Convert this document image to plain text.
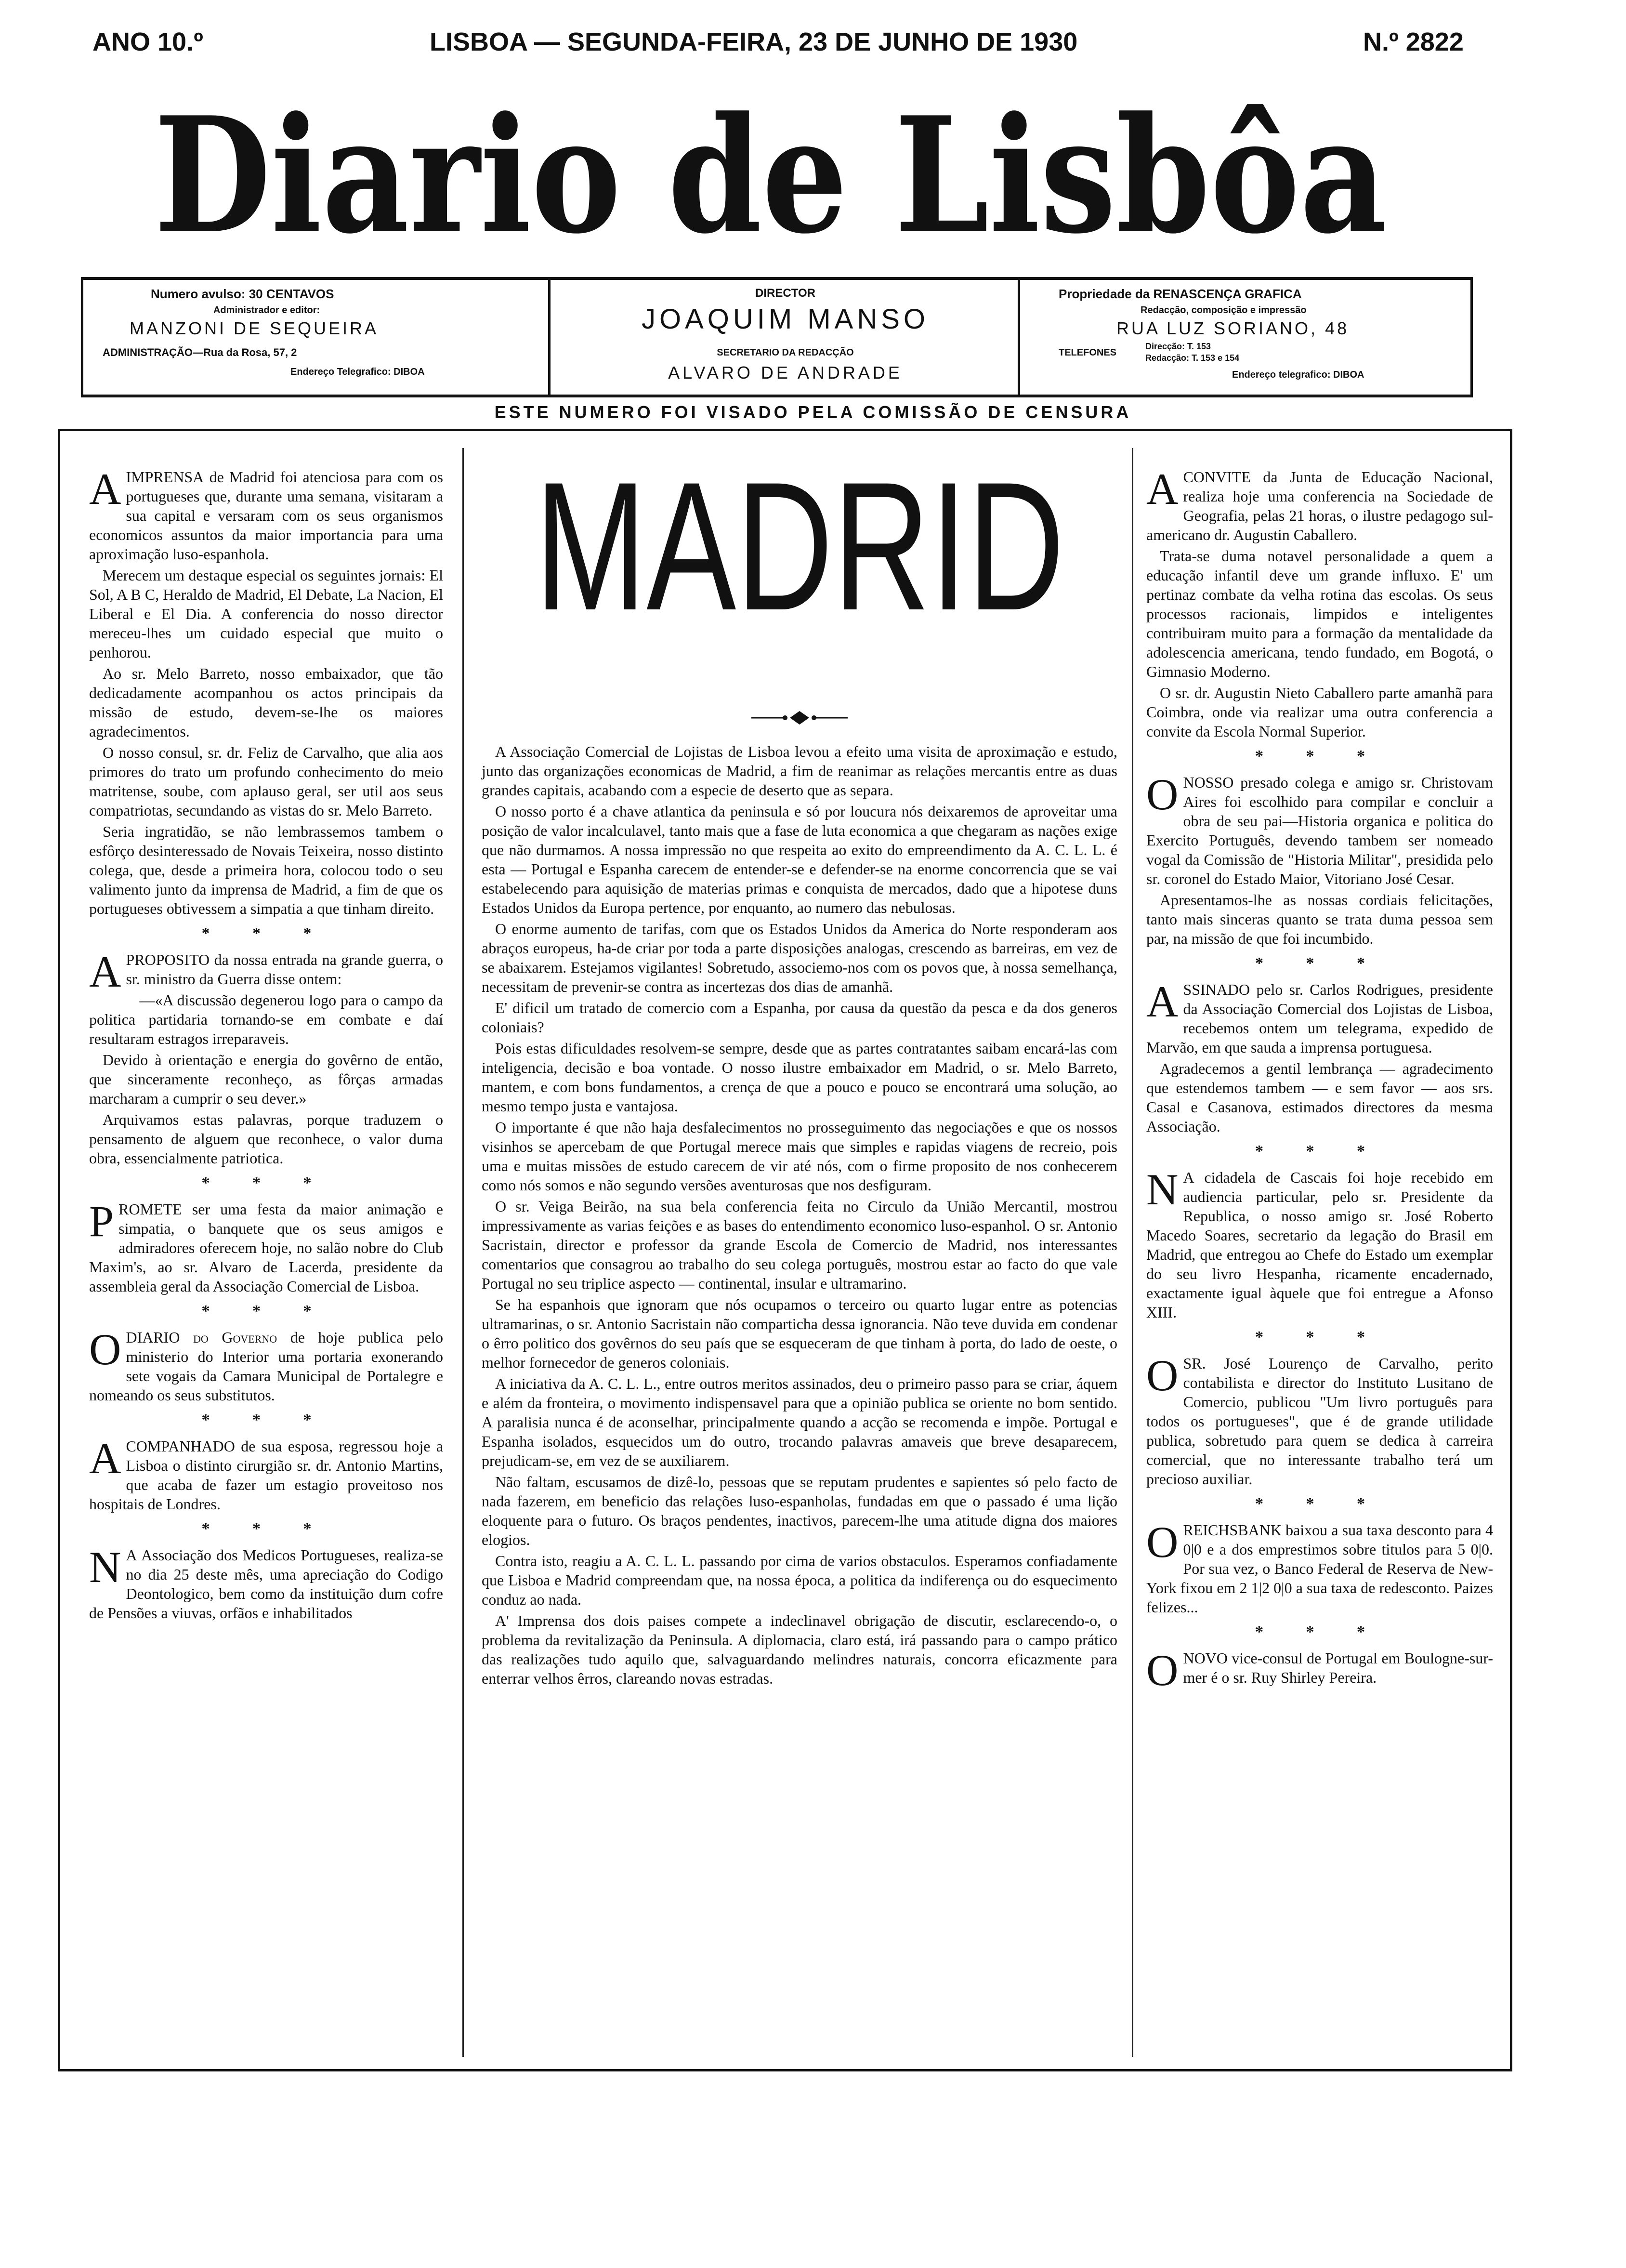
ANO 10.º	LISBOA — SEGUNDA-FEIRA, 23 DE JUNHO DE 1930	N.º 2822
Diario de Lisbôa
Numero avulso: 30 CENTAVOS
Administrador e editor:
MANZONI DE SEQUEIRA
ADMINISTRAÇÃO—Rua da Rosa, 57, 2
Endereço Telegrafico: DIBOA
DIRECTOR
JOAQUIM MANSO
SECRETARIO DA REDACÇÃO
ALVARO DE ANDRADE
Propriedade da RENASCENÇA GRAFICA
Redacção, composição e impressão
RUA LUZ SORIANO, 48
TELEFONES
Direcção: T. 153
Redacção: T. 153 e 154
Endereço telegrafico: DIBOA
ESTE NUMERO FOI VISADO PELA COMISSÃO DE CENSURA
MADRID

AIMPRENSA de Madrid foi atenciosa para com os portugueses que, durante uma semana, visitaram a sua capital e versaram com os seus organismos economicos assuntos da maior importancia para uma aproximação luso-espanhola.

Merecem um destaque especial os seguintes jornais: El Sol, A B C, Heraldo de Madrid, El Debate, La Nacion, El Liberal e El Dia. A conferencia do nosso director mereceu-lhes um cuidado especial que muito o penhorou.

Ao sr. Melo Barreto, nosso embaixador, que tão dedicadamente acompanhou os actos principais da missão de estudo, devem-se-lhe os maiores agradecimentos.

O nosso consul, sr. dr. Feliz de Carvalho, que alia aos primores do trato um profundo conhecimento do meio matritense, soube, com aplauso geral, ser util aos seus compatriotas, secundando as vistas do sr. Melo Barreto.

Seria ingratidão, se não lembrassemos tambem o esfôrço desinteressado de Novais Teixeira, nosso distinto colega, que, desde a primeira hora, colocou todo o seu valimento junto da imprensa de Madrid, a fim de que os portugueses obtivessem a simpatia a que tinham direito.

* * *

APROPOSITO da nossa entrada na grande guerra, o sr. ministro da Guerra disse ontem:

—«A discussão degenerou logo para o campo da politica partidaria tornando-se em combate e daí resultaram estragos irreparaveis.

Devido à orientação e energia do govêrno de então, que sinceramente reconheço, as fôrças armadas marcharam a cumprir o seu dever.»

Arquivamos estas palavras, porque traduzem o pensamento de alguem que reconhece, o valor duma obra, essencialmente patriotica.

* * *

PROMETE ser uma festa da maior animação e simpatia, o banquete que os seus amigos e admiradores oferecem hoje, no salão nobre do Club Maxim's, ao sr. Alvaro de Lacerda, presidente da assembleia geral da Associação Comercial de Lisboa.

* * *

ODIARIO do Governo de hoje publica pelo ministerio do Interior uma portaria exonerando sete vogais da Camara Municipal de Portalegre e nomeando os seus substitutos.

* * *

ACOMPANHADO de sua esposa, regressou hoje a Lisboa o distinto cirurgião sr. dr. Antonio Martins, que acaba de fazer um estagio proveitoso nos hospitais de Londres.

* * *

N A Associação dos Medicos Portugueses, realiza-se no dia 25 deste mês, uma apreciação do Codigo Deontologico, bem como da instituição dum cofre de Pensões a viuvas, orfãos e inhabilitados

A Associação Comercial de Lojistas de Lisboa levou a efeito uma visita de aproximação e estudo, junto das organizações economicas de Madrid, a fim de reanimar as relações mercantis entre as duas grandes capitais, acabando com a especie de deserto que as separa.

O nosso porto é a chave atlantica da peninsula e só por loucura nós deixaremos de aproveitar uma posição de valor incalculavel, tanto mais que a fase de luta economica a que chegaram as nações exige que não durmamos. A nossa impressão no que respeita ao exito do empreendimento da A. C. L. L. é esta — Portugal e Espanha carecem de entender-se e defender-se na enorme concorrencia que se vai estabelecendo para aquisição de materias primas e conquista de mercados, dado que a hipotese duns Estados Unidos da Europa pertence, por enquanto, ao numero das nebulosas.

O enorme aumento de tarifas, com que os Estados Unidos da America do Norte responderam aos abraços europeus, ha-de criar por toda a parte disposições analogas, crescendo as barreiras, em vez de se abaixarem. Estejamos vigilantes! Sobretudo, associemo-nos com os povos que, à nossa semelhança, necessitam de prevenir-se contra as incertezas dos dias de amanhã.

E' dificil um tratado de comercio com a Espanha, por causa da questão da pesca e da dos generos coloniais?

Pois estas dificuldades resolvem-se sempre, desde que as partes contratantes saibam encará-las com inteligencia, decisão e boa vontade. O nosso ilustre embaixador em Madrid, o sr. Melo Barreto, mantem, e com bons fundamentos, a crença de que a pouco e pouco se encontrará uma solução, ao mesmo tempo justa e vantajosa.

O importante é que não haja desfalecimentos no prosseguimento das negociações e que os nossos visinhos se apercebam de que Portugal merece mais que simples e rapidas viagens de recreio, pois uma e muitas missões de estudo carecem de vir até nós, com o firme proposito de nos conhecerem como nós somos e não segundo versões aventurosas que nos desfiguram.

O sr. Veiga Beirão, na sua bela conferencia feita no Circulo da União Mercantil, mostrou impressivamente as varias feições e as bases do entendimento economico luso-espanhol. O sr. Antonio Sacristain, director e professor da grande Escola de Comercio de Madrid, nos interessantes comentarios que consagrou ao trabalho do seu colega português, mostrou estar ao facto do que vale Portugal no seu triplice aspecto — continental, insular e ultramarino.

Se ha espanhois que ignoram que nós ocupamos o terceiro ou quarto lugar entre as potencias ultramarinas, o sr. Antonio Sacristain não comparticha dessa ignorancia. Não teve duvida em condenar o êrro politico dos govêrnos do seu país que se esqueceram de que tinham à porta, do lado de oeste, o melhor fornecedor de generos coloniais.

A iniciativa da A. C. L. L., entre outros meritos assinados, deu o primeiro passo para se criar, áquem e além da fronteira, o movimento indispensavel para que a opinião publica se oriente no bom sentido. A paralisia nunca é de aconselhar, principalmente quando a acção se recomenda e impõe. Portugal e Espanha isolados, esquecidos um do outro, trocando palavras amaveis que breve desaparecem, prejudicam-se, em vez de se auxiliarem.

Não faltam, escusamos de dizê-lo, pessoas que se reputam prudentes e sapientes só pelo facto de nada fazerem, em beneficio das relações luso-espanholas, fundadas em que o passado é uma lição eloquente para o futuro. Os braços pendentes, inactivos, parecem-lhe uma atitude digna dos maiores elogios.

Contra isto, reagiu a A. C. L. L. passando por cima de varios obstaculos. Esperamos confiadamente que Lisboa e Madrid compreendam que, na nossa época, a politica da indiferença ou do esquecimento conduz ao nada.

A' Imprensa dos dois paises compete a indeclinavel obrigação de discutir, esclarecendo-o, o problema da revitalização da Peninsula. A diplomacia, claro está, irá passando para o campo prático das realizações tudo aquilo que, salvaguardando melindres naturais, concorra eficazmente para enterrar velhos êrros, clareando novas estradas.

ACONVITE da Junta de Educação Nacional, realiza hoje uma conferencia na Sociedade de Geografia, pelas 21 horas, o ilustre pedagogo sul-americano dr. Augustin Caballero.

Trata-se duma notavel personalidade a quem a educação infantil deve um grande influxo. E' um pertinaz combate da velha rotina das escolas. Os seus processos racionais, limpidos e inteligentes contribuiram muito para a formação da mentalidade da adolescencia americana, tendo fundado, em Bogotá, o Gimnasio Moderno.

O sr. dr. Augustin Nieto Caballero parte amanhã para Coimbra, onde via realizar uma outra conferencia a convite da Escola Normal Superior.

* * *

ONOSSO presado colega e amigo sr. Christovam Aires foi escolhido para compilar e concluir a obra de seu pai—Historia organica e politica do Exercito Português, devendo tambem ser nomeado vogal da Comissão de "Historia Militar", presidida pelo sr. coronel do Estado Maior, Vitoriano José Cesar.

Apresentamos-lhe as nossas cordiais felicitações, tanto mais sinceras quanto se trata duma pessoa sem par, na missão de que foi incumbido.

* * *

ASSINADO pelo sr. Carlos Rodrigues, presidente da Associação Comercial dos Lojistas de Lisboa, recebemos ontem um telegrama, expedido de Marvão, em que sauda a imprensa portuguesa.

Agradecemos a gentil lembrança — agradecimento que estendemos tambem — e sem favor — aos srs. Casal e Casanova, estimados directores da mesma Associação.

* * *

N A cidadela de Cascais foi hoje recebido em audiencia particular, pelo sr. Presidente da Republica, o nosso amigo sr. José Roberto Macedo Soares, secretario da legação do Brasil em Madrid, que entregou ao Chefe do Estado um exemplar do seu livro Hespanha, ricamente encadernado, exactamente igual àquele que foi entregue a Afonso XIII.

* * *

OSR. José Lourenço de Carvalho, perito contabilista e director do Instituto Lusitano de Comercio, publicou "Um livro português para todos os portugueses", que é de grande utilidade publica, sobretudo para quem se dedica à carreira comercial, que no interessante trabalho terá um precioso auxiliar.

* * *

OREICHSBANK baixou a sua taxa desconto para 4 0|0 e a dos emprestimos sobre titulos para 5 0|0. Por sua vez, o Banco Federal de Reserva de New-York fixou em 2 1|2 0|0 a sua taxa de redesconto. Paizes felizes...

* * *

ONOVO vice-consul de Portugal em Boulogne-sur-mer é o sr. Ruy Shirley Pereira.
